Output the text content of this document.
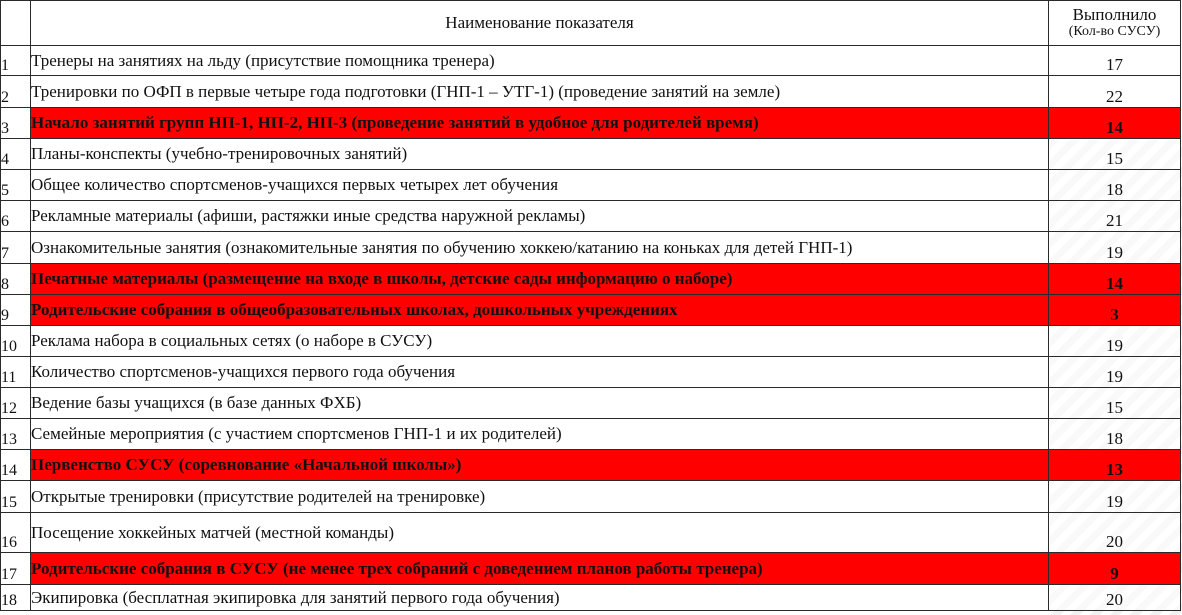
	Наименование показателя	Выполнило
(Кол-во СУСУ)

1	Тренеры на занятиях на льду (присутствие помощника тренера)	17
2	Тренировки по ОФП в первые четыре года подготовки (ГНП-1 – УТГ-1) (проведение занятий на земле)	22
3	Начало занятий групп НП-1, НП-2, НП-3 (проведение занятий в удобное для родителей время)	14
4	Планы-конспекты (учебно-тренировочных занятий)	15
5	Общее количество спортсменов-учащихся первых четырех лет обучения	18
6	Рекламные материалы (афиши, растяжки иные средства наружной рекламы)	21
7	Ознакомительные занятия (ознакомительные занятия по обучению хоккею/катанию на коньках для детей ГНП-1)	19
8	Печатные материалы (размещение на входе в школы, детские сады информацию о наборе)	14
9	Родительские собрания в общеобразовательных школах, дошкольных учреждениях	3
10	Реклама набора в социальных сетях (о наборе в СУСУ)	19
11	Количество спортсменов-учащихся первого года обучения	19
12	Ведение базы учащихся (в базе данных ФХБ)	15
13	Семейные мероприятия (с участием спортсменов ГНП-1 и их родителей)	18
14	Первенство СУСУ (соревнование «Начальной школы»)	13
15	Открытые тренировки (присутствие родителей на тренировке)	19
16	Посещение хоккейных матчей (местной команды)	20
17	Родительские собрания в СУСУ (не менее трех собраний с доведением планов работы тренера)	9
18	Экипировка (бесплатная экипировка для занятий первого года обучения)	20
